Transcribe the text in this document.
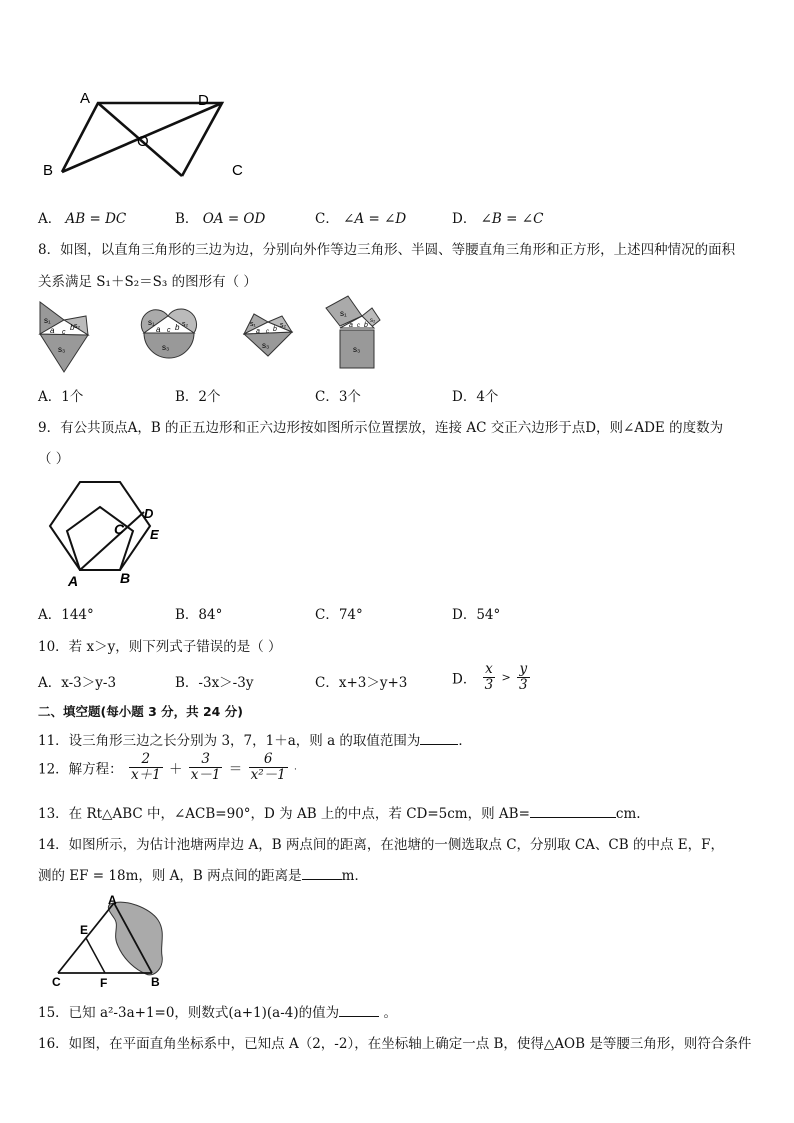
A
B
O
D
C
A． AB = DC	B． OA = OD	C． ∠A = ∠D	D． ∠B = ∠C
8．如图，以直角三角形的三边为边，分别向外作等边三角形、半圆、等腰直角三角形和正方形，上述四种情况的面积
关系满足 S₁＋S₂＝S₃ 的图形有（ ）
s₁
s₂
s₃
a c
b
s₁	s₂
s₃
a c b	s₁	s₂
s₃
a c b
s₁
s₂
s₃
a c b
A．1个	B．2个	C．3个	D．4个
9．有公共顶点A，B 的正五边形和正六边形按如图所示位置摆放，连接 AC 交正六边形于点D，则∠ADE 的度数为
（ ）
A	B
C
D
E
A．144°	B．84°	C．74°	D．54°
10．若 x＞y，则下列式子错误的是（ ）
A．x-3＞y-3	B．-3x＞-3y	C．x+3＞y+3	D． $\frac{x}{3} > \frac{y}{3}$
二、填空题(每小题 3 分，共 24 分)
11．设三角形三边之长分别为 3，7，1＋a，则 a 的取值范围为	．
12．解方程： $\frac{2}{x+1} + \frac{3}{x-1} = \frac{6}{\text{x²－1}}$ .
13．在 Rt△ABC 中，∠ACB=90°，D 为 AB 上的中点，若 CD=5cm，则 AB=	cm.
14．如图所示，为估计池塘两岸边 A，B 两点间的距离，在池塘的一侧选取点 C，分别取 CA、CB 的中点 E，F，
测的 EF = 18m，则 A，B 两点间的距离是	m．
A
E
C	F	B
15．已知 a²-3a+1=0，则数式(a+1)(a-4)的值为	。
16．如图，在平面直角坐标系中，已知点 A（2，-2），在坐标轴上确定一点 B，使得△AOB 是等腰三角形，则符合条件
